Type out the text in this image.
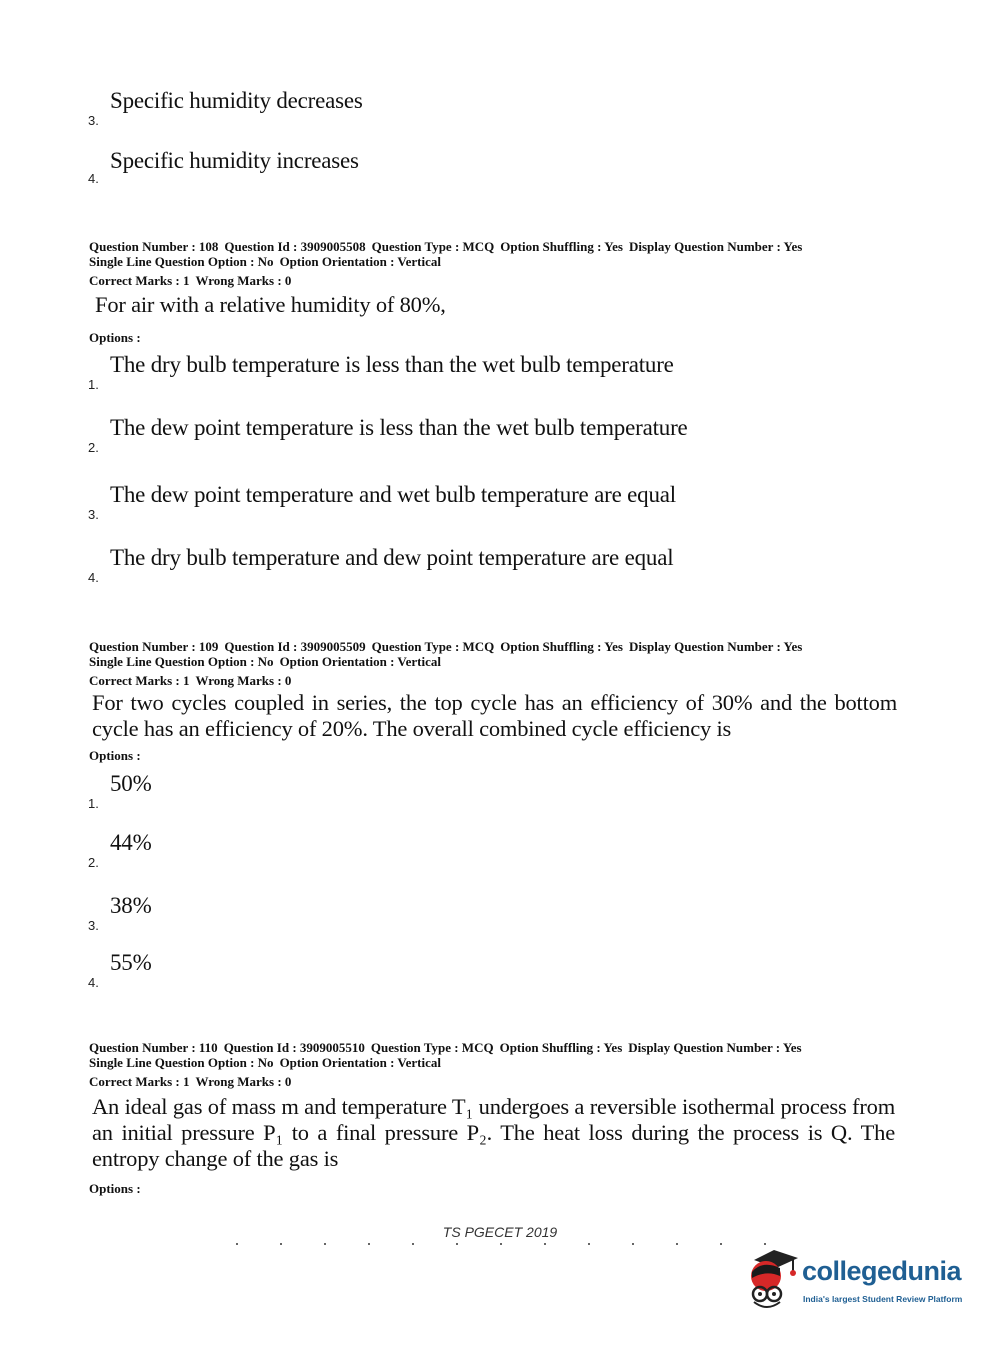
3.
Specific humidity decreases
4.
Specific humidity increases
Question Number : 108 Question Id : 3909005508 Question Type : MCQ Option Shuffling : Yes Display Question Number : Yes
Single Line Question Option : No Option Orientation : Vertical
Correct Marks : 1 Wrong Marks : 0
For air with a relative humidity of 80%,
Options :
1.
The dry bulb temperature is less than the wet bulb temperature
2.
The dew point temperature is less than the wet bulb temperature
3.
The dew point temperature and wet bulb temperature are equal
4.
The dry bulb temperature and dew point temperature are equal
Question Number : 109 Question Id : 3909005509 Question Type : MCQ Option Shuffling : Yes Display Question Number : Yes
Single Line Question Option : No Option Orientation : Vertical
Correct Marks : 1 Wrong Marks : 0
For two cycles coupled in series, the top cycle has an efficiency of 30% and the bottom cycle has an efficiency of 20%. The overall combined cycle efficiency is
Options :
1.
50%
2.
44%
3.
38%
4.
55%
Question Number : 110 Question Id : 3909005510 Question Type : MCQ Option Shuffling : Yes Display Question Number : Yes
Single Line Question Option : No Option Orientation : Vertical
Correct Marks : 1 Wrong Marks : 0
An ideal gas of mass m and temperature T₁ undergoes a reversible isothermal process from an initial pressure P₁ to a final pressure P₂. The heat loss during the process is Q. The entropy change of the gas is
Options :
TS PGECET 2019
collegedunia
India's largest Student Review Platform
